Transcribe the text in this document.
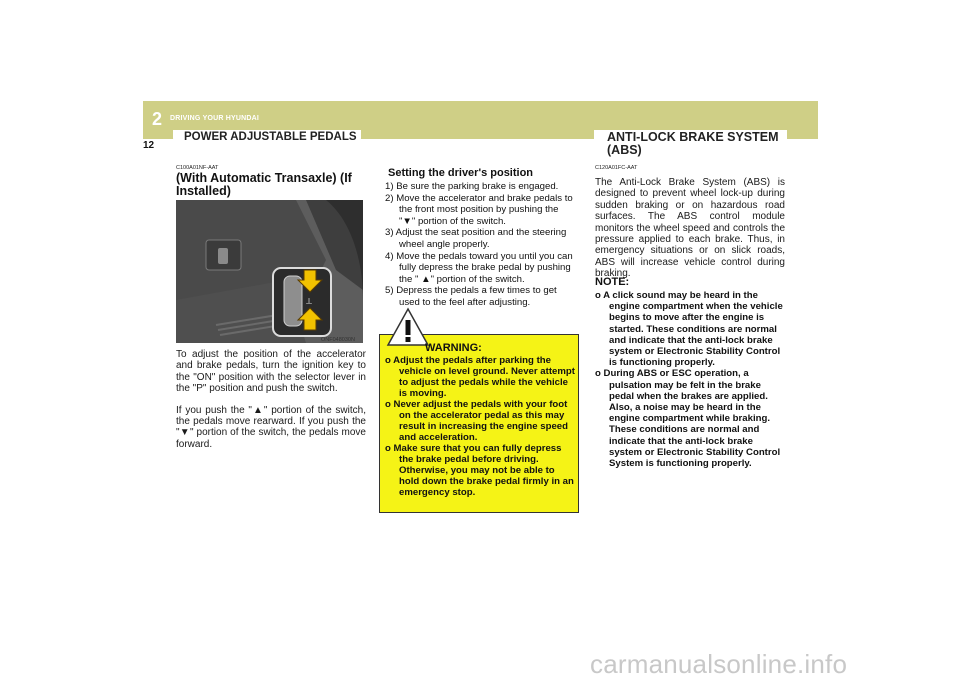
2 DRIVING YOUR HYUNDAI
12
POWER ADJUSTABLE PEDALS	ANTI-LOCK BRAKE SYSTEM (ABS)
C100A01NF-AAT
(With Automatic Transaxle) (If Installed)
⟂
ONF048030N

To adjust the position of the accelerator and brake pedals, turn the ignition key to the "ON" position with the selector lever in the "P" position and push the switch.

If you push the "▲" portion of the switch, the pedals move rearward. If you push the "▼" portion of the switch, the pedals move forward.

Setting the driver's position
1) Be sure the parking brake is engaged.
2) Move the accelerator and brake pedals to the front most position by pushing the "▼" portion of the switch.
3) Adjust the seat position and the steering wheel angle properly.
4) Move the pedals toward you until you can fully depress the brake pedal by pushing the " ▲" portion of the switch.
5) Depress the pedals a few times to get used to the feel after adjusting.
WARNING:
o Adjust the pedals after parking the vehicle on level ground. Never attempt to adjust the pedals while the vehicle is moving.
o Never adjust the pedals with your foot on the accelerator pedal as this may result in increasing the engine speed and acceleration.
o Make sure that you can fully depress the brake pedal before driving. Otherwise, you may not be able to hold down the brake pedal firmly in an emergency stop.
C120A01FC-AAT
The Anti-Lock Brake System (ABS) is designed to prevent wheel lock-up during sudden braking or on hazardous road surfaces. The ABS control module monitors the wheel speed and controls the pressure applied to each brake. Thus, in emergency situations or on slick roads, ABS will increase vehicle control during braking.
NOTE:
o A click sound may be heard in the engine compartment when the vehicle begins to move after the engine is started. These conditions are normal and indicate that the anti-lock brake system or Electronic Stability Control is functioning properly.
o During ABS or ESC operation, a pulsation may be felt in the brake pedal when the brakes are applied. Also, a noise may be heard in the engine compartment while braking. These conditions are normal and indicate that the anti-lock brake system or Electronic Stability Control System is functioning properly.
carmanualsonline.info
